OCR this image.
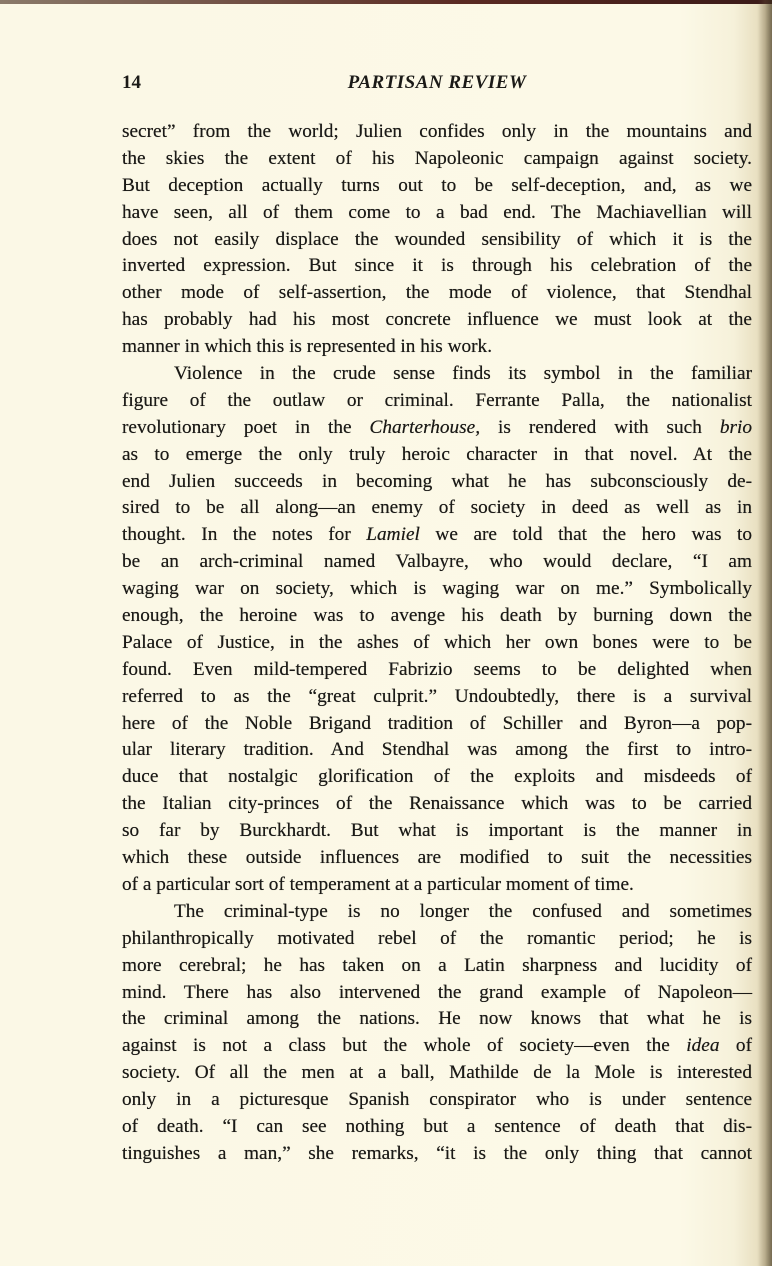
14	PARTISAN REVIEW
secret” from the world; Julien confides only in the mountains and
the skies the extent of his Napoleonic campaign against society.
But deception actually turns out to be self-deception, and, as we
have seen, all of them come to a bad end. The Machiavellian will
does not easily displace the wounded sensibility of which it is the
inverted expression. But since it is through his celebration of the
other mode of self-assertion, the mode of violence, that Stendhal
has probably had his most concrete influence we must look at the
manner in which this is represented in his work.
Violence in the crude sense finds its symbol in the familiar
figure of the outlaw or criminal. Ferrante Palla, the nationalist
revolutionary poet in the Charterhouse, is rendered with such brio
as to emerge the only truly heroic character in that novel. At the
end Julien succeeds in becoming what he has subconsciously de-
sired to be all along—an enemy of society in deed as well as in
thought. In the notes for Lamiel we are told that the hero was to
be an arch-criminal named Valbayre, who would declare, “I am
waging war on society, which is waging war on me.” Symbolically
enough, the heroine was to avenge his death by burning down the
Palace of Justice, in the ashes of which her own bones were to be
found. Even mild-tempered Fabrizio seems to be delighted when
referred to as the “great culprit.” Undoubtedly, there is a survival
here of the Noble Brigand tradition of Schiller and Byron—a pop-
ular literary tradition. And Stendhal was among the first to intro-
duce that nostalgic glorification of the exploits and misdeeds of
the Italian city-princes of the Renaissance which was to be carried
so far by Burckhardt. But what is important is the manner in
which these outside influences are modified to suit the necessities
of a particular sort of temperament at a particular moment of time.
The criminal-type is no longer the confused and sometimes
philanthropically motivated rebel of the romantic period; he is
more cerebral; he has taken on a Latin sharpness and lucidity of
mind. There has also intervened the grand example of Napoleon—
the criminal among the nations. He now knows that what he is
against is not a class but the whole of society—even the idea of
society. Of all the men at a ball, Mathilde de la Mole is interested
only in a picturesque Spanish conspirator who is under sentence
of death. “I can see nothing but a sentence of death that dis-
tinguishes a man,” she remarks, “it is the only thing that cannot
